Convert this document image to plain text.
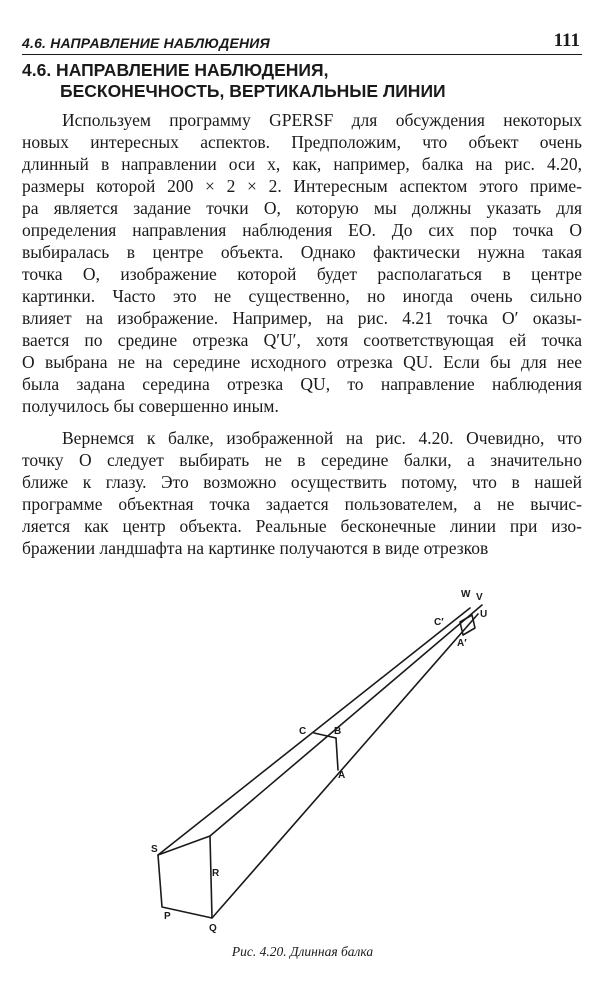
4.6. НАПРАВЛЕНИЕ НАБЛЮДЕНИЯ	111
4.6. НАПРАВЛЕНИЕ НАБЛЮДЕНИЯ,
БЕСКОНЕЧНОСТЬ, ВЕРТИКАЛЬНЫЕ ЛИНИИ
Используем программу GPERSF для обсуждения некоторых
новых интересных аспектов. Предположим, что объект очень
длинный в направлении оси x, как, например, балка на рис. 4.20,
размеры которой 200 × 2 × 2. Интересным аспектом этого приме-
ра является задание точки O, которую мы должны указать для
определения направления наблюдения EO. До сих пор точка O
выбиралась в центре объекта. Однако фактически нужна такая
точка O, изображение которой будет располагаться в центре
картинки. Часто это не существенно, но иногда очень сильно
влияет на изображение. Например, на рис. 4.21 точка O′ оказы-
вается по средине отрезка Q′U′, хотя соответствующая ей точка
O выбрана не на середине исходного отрезка QU. Если бы для нее
была задана середина отрезка QU, то направление наблюдения
получилось бы совершенно иным.
Вернемся к балке, изображенной на рис. 4.20. Очевидно, что
точку O следует выбирать не в середине балки, а значительно
ближе к глазу. Это возможно осуществить потому, что в нашей
программе объектная точка задается пользователем, а не вычис-
ляется как центр объекта. Реальные бесконечные линии при изо-
бражении ландшафта на картинке получаются в виде отрезков
W V
U
C′
A′
C	B
A
S
R
P
Q
Рис. 4.20. Длинная балка
